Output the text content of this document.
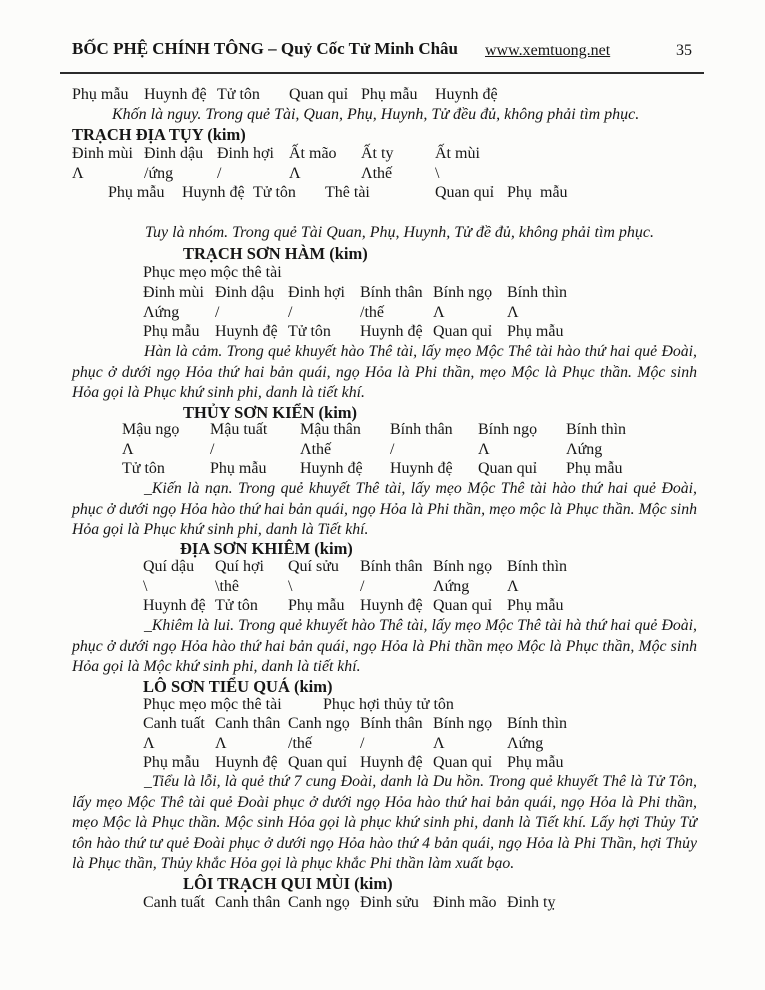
BỐC PHỆ CHÍNH TÔNG – Quỷ Cốc Tử Minh Châu www.xemtuong.net	35
Phụ mẫu Huynh đệ Tử tôn Quan quỉ Phụ mẫu Huynh đệ
Khốn là nguy. Trong quẻ Tài, Quan, Phụ, Huynh, Tử đều đủ, không phải tìm phục.
TRẠCH ĐỊA TỤY (kim)
Đinh mùi Đinh dậu Đinh hợi Ất mão Ất ty	Ất mùi
Λ	/ứng	/	Λ	Λthế	\
Phụ mẫu Huynh đệ Tử tôn Thê tài	Quan quỉ Phụ mẫu
Tuy là nhóm. Trong quẻ Tài Quan, Phụ, Huynh, Tử đề đủ, không phải tìm phục.
TRẠCH SƠN HÀM (kim)
Phục mẹo mộc thê tài
Đinh mùi Đinh dậu Đinh hợi Bính thân Bính ngọ Bính thìn
Λứng /	/	/thế	Λ	Λ
Phụ mẫu Huynh đệ Tử tôn Huynh đệ Quan quỉ Phụ mẫu
Hàn là cảm. Trong quẻ khuyết hào Thê tài, lấy mẹo Mộc Thê tài hào thứ hai quẻ Đoài, phục ở dưới ngọ Hỏa thứ hai bản quái, ngọ Hỏa là Phi thần, mẹo Mộc là Phục thần. Mộc sinh Hỏa gọi là Phục khứ sinh phi, danh là tiết khí.
THỦY SƠN KIỂN (kim)
Mậu ngọ Mậu tuất Mậu thân Bính thân Bính ngọ Bính thìn
Λ	/	Λthế	/	Λ	Λứng
Tử tôn	Phụ mẫu Huynh đệ Huynh đệ Quan quỉ Phụ mẫu
_Kiến là nạn. Trong quẻ khuyết Thê tài, lấy mẹo Mộc Thê tài hào thứ hai quẻ Đoài, phục ở dưới ngọ Hỏa hào thứ hai bản quái, ngọ Hỏa là Phi thần, mẹo mộc là Phục thần. Mộc sinh Hỏa gọi là Phục khứ sinh phi, danh là Tiết khí.
ĐỊA SƠN KHIÊM (kim)
Quí dậu Quí hợi Quí sửu Bính thân Bính ngọ Bính thìn
\	\thê	\	/	Λứng Λ
Huynh đệ Tử tôn Phụ mẫu Huynh đệ Quan quỉ Phụ mẫu
_Khiêm là lui. Trong quẻ khuyết hào Thê tài, lấy mẹo Mộc Thê tài hà thứ hai quẻ Đoài, phục ở dưới ngọ Hỏa hào thứ hai bản quái, ngọ Hỏa là Phi thần mẹo Mộc là Phục thần, Mộc sinh Hỏa gọi là Mộc khứ sinh phi, danh là tiết khí.
LÔ SƠN TIỂU QUÁ (kim)
Phục mẹo mộc thê tài	Phục hợi thủy tử tôn
Canh tuất Canh thân Canh ngọ Bính thân Bính ngọ Bính thìn
Λ	Λ	/thế	/	Λ	Λứng
Phụ mẫu Huynh đệ Quan quỉ Huynh đệ Quan quỉ Phụ mẫu
_Tiểu là lỗi, là quẻ thứ 7 cung Đoài, danh là Du hồn. Trong quẻ khuyết Thê là Tử Tôn, lấy mẹo Mộc Thê tài quẻ Đoài phục ở dưới ngọ Hỏa hào thứ hai bản quái, ngọ Hỏa là Phi thần, mẹo Mộc là Phục thần. Mộc sinh Hỏa gọi là phục khứ sinh phi, danh là Tiết khí. Lấy hợi Thủy Tử tôn hào thứ tư quẻ Đoài phục ở dưới ngọ Hỏa hào thứ 4 bản quái, ngọ Hỏa là Phi Thần, hợi Thủy là Phục thần, Thủy khắc Hỏa gọi là phục khắc Phi thần làm xuất bạo.
LÔI TRẠCH QUI MÙI (kim)
Canh tuất Canh thân Canh ngọ Đinh sửu Đinh mão Đinh tỵ
